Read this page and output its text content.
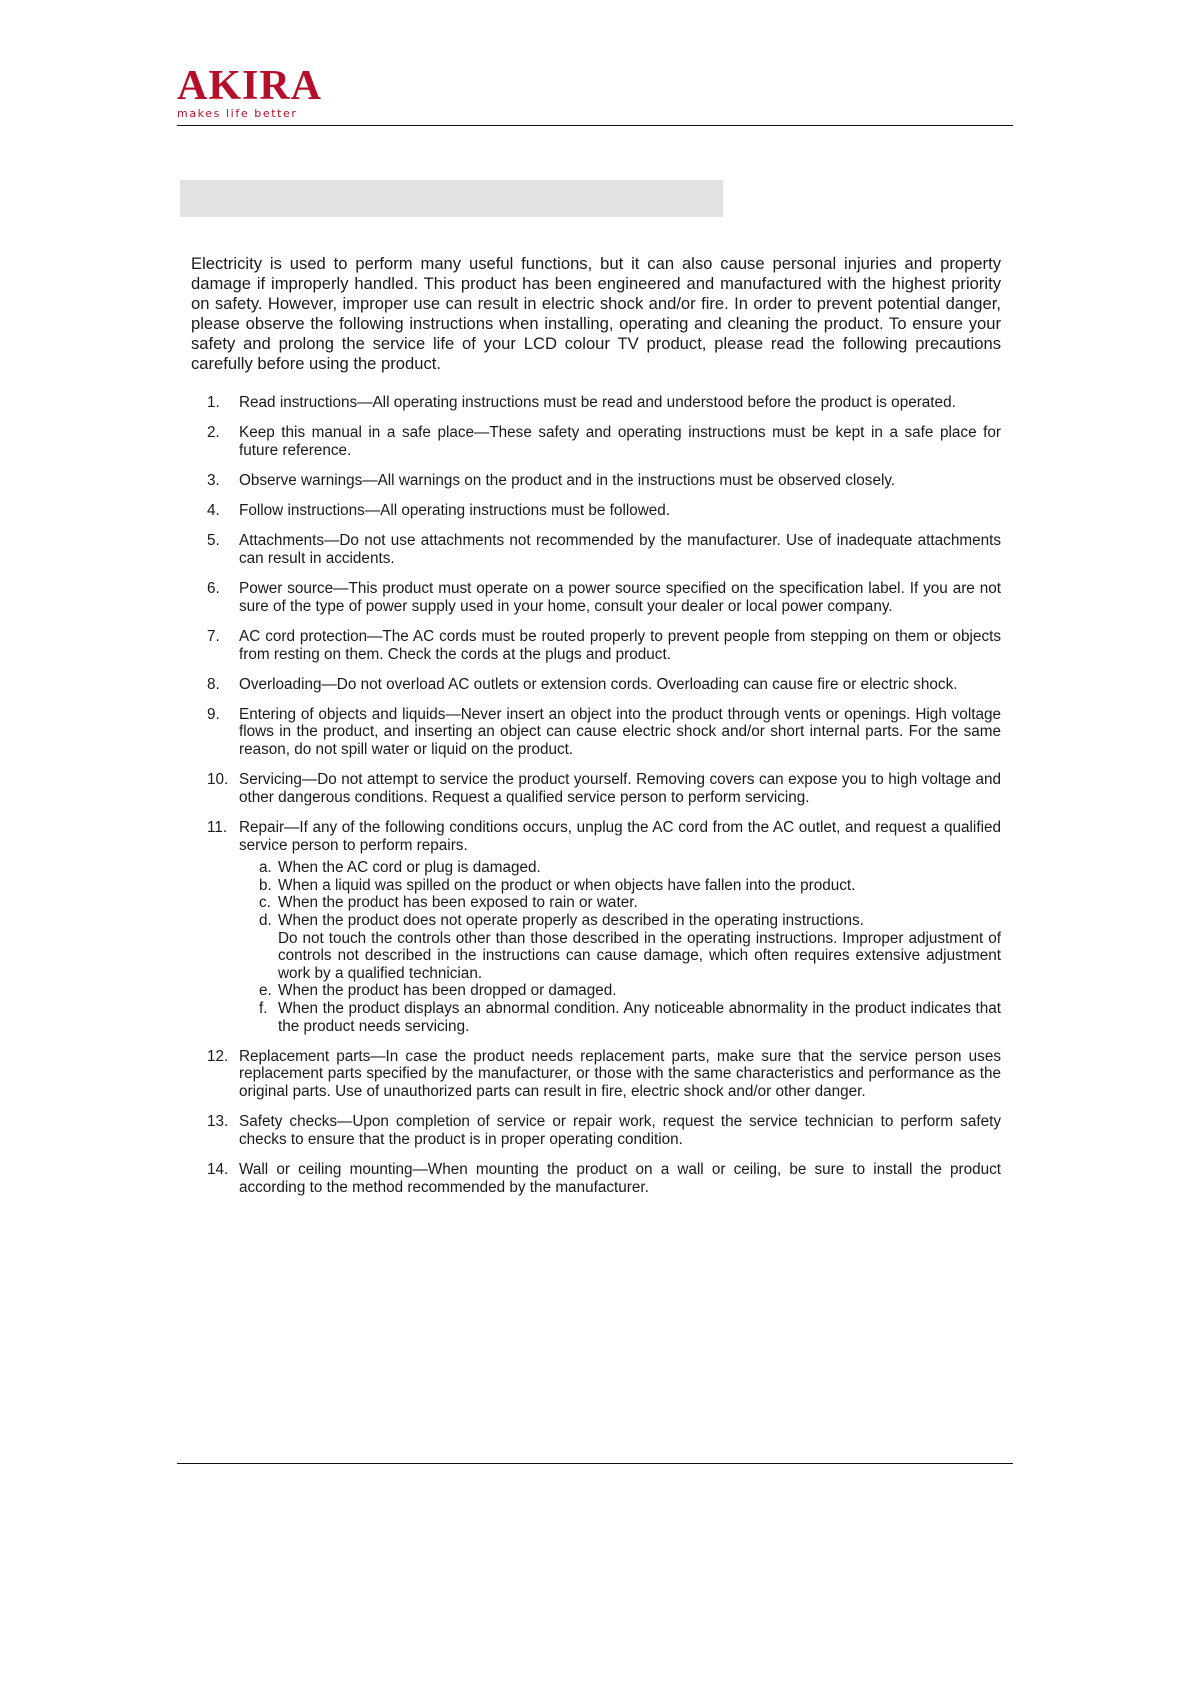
AKIRA
makes life better

Electricity is used to perform many useful functions, but it can also cause personal injuries and property damage if improperly handled. This product has been engineered and manufactured with the highest priority on safety. However, improper use can result in electric shock and/or fire. In order to prevent potential danger, please observe the following instructions when installing, operating and cleaning the product. To ensure your safety and prolong the service life of your LCD colour TV product, please read the following precautions carefully before using the product.

1. Read instructions—All operating instructions must be read and understood before the product is operated.
2. Keep this manual in a safe place—These safety and operating instructions must be kept in a safe place for future reference.
3. Observe warnings—All warnings on the product and in the instructions must be observed closely.
4. Follow instructions—All operating instructions must be followed.
5. Attachments—Do not use attachments not recommended by the manufacturer. Use of inadequate attachments can result in accidents.
6. Power source—This product must operate on a power source specified on the specification label. If you are not sure of the type of power supply used in your home, consult your dealer or local power company.
7. AC cord protection—The AC cords must be routed properly to prevent people from stepping on them or objects from resting on them. Check the cords at the plugs and product.
8. Overloading—Do not overload AC outlets or extension cords. Overloading can cause fire or electric shock.
9. Entering of objects and liquids—Never insert an object into the product through vents or openings. High voltage flows in the product, and inserting an object can cause electric shock and/or short internal parts. For the same reason, do not spill water or liquid on the product.
10. Servicing—Do not attempt to service the product yourself. Removing covers can expose you to high voltage and other dangerous conditions. Request a qualified service person to perform servicing.
11. Repair—If any of the following conditions occurs, unplug the AC cord from the AC outlet, and request a qualified service person to perform repairs.
a. When the AC cord or plug is damaged.
b. When a liquid was spilled on the product or when objects have fallen into the product.
c. When the product has been exposed to rain or water.
d. When the product does not operate properly as described in the operating instructions.
Do not touch the controls other than those described in the operating instructions. Improper adjustment of controls not described in the instructions can cause damage, which often requires extensive adjustment work by a qualified technician.
e. When the product has been dropped or damaged.
f. When the product displays an abnormal condition. Any noticeable abnormality in the product indicates that the product needs servicing.
12. Replacement parts—In case the product needs replacement parts, make sure that the service person uses replacement parts specified by the manufacturer, or those with the same characteristics and performance as the original parts. Use of unauthorized parts can result in fire, electric shock and/or other danger.
13. Safety checks—Upon completion of service or repair work, request the service technician to perform safety checks to ensure that the product is in proper operating condition.
14. Wall or ceiling mounting—When mounting the product on a wall or ceiling, be sure to install the product according to the method recommended by the manufacturer.
